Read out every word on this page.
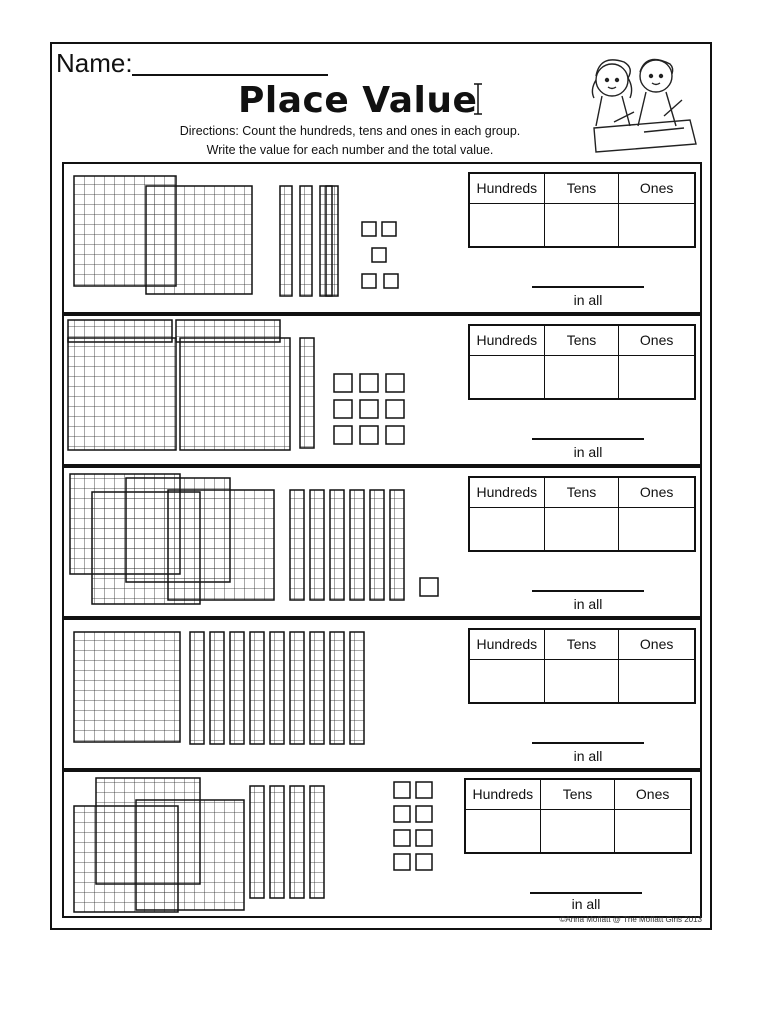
Name:
Place Value
Directions: Count the hundreds, tens and ones in each group.
Write the value for each number and the total value.
Hundreds	Tens	Ones
in all
Hundreds	Tens	Ones
in all
Hundreds	Tens	Ones
in all
Hundreds	Tens	Ones
in all
Hundreds	Tens	Ones
in all
©Anna Moffatt @ The Moffatt Girls 2013
